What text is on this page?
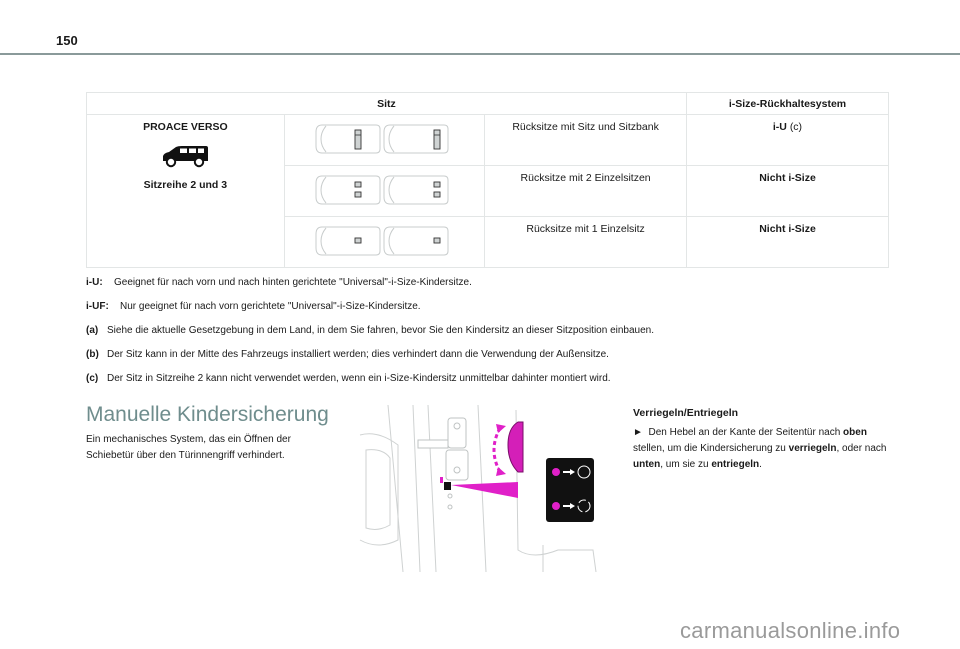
150
Sitz			i-Size-Rückhaltesystem

PROACE VERSO
Sitzreihe 2 und 3		Rücksitze mit Sitz und Sitzbank	i-U (c)
	Rücksitze mit 2 Einzelsitzen	Nicht i-Size
	Rücksitze mit 1 Einzelsitz	Nicht i-Size
i-U: Geeignet für nach vorn und nach hinten gerichtete "Universal"-i-Size-Kindersitze.
i-UF: Nur geeignet für nach vorn gerichtete "Universal"-i-Size-Kindersitze.
(a) Siehe die aktuelle Gesetzgebung in dem Land, in dem Sie fahren, bevor Sie den Kindersitz an dieser Sitzposition einbauen.
(b) Der Sitz kann in der Mitte des Fahrzeugs installiert werden; dies verhindert dann die Verwendung der Außensitze.
(c) Der Sitz in Sitzreihe 2 kann nicht verwendet werden, wenn ein i-Size-Kindersitz unmittelbar dahinter montiert wird.
Manuelle Kindersicherung
Ein mechanisches System, das ein Öffnen der Schiebetür über den Türinnengriff verhindert.
Verriegeln/Entriegeln
► Den Hebel an der Kante der Seitentür nach oben stellen, um die Kindersicherung zu verriegeln, oder nach unten, um sie zu entriegeln.
carmanualsonline.info
